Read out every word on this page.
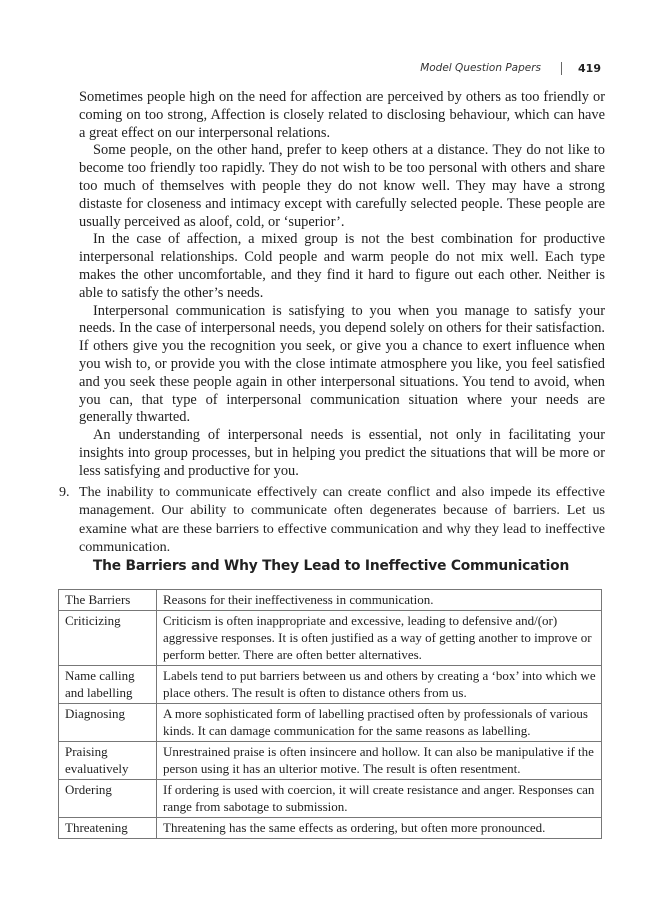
Model Question Papers	419

Sometimes people high on the need for affection are perceived by others as too friendly or coming on too strong, Affection is closely related to disclosing behaviour, which can have a great effect on our interpersonal relations.

Some people, on the other hand, prefer to keep others at a distance. They do not like to become too friendly too rapidly. They do not wish to be too personal with others and share too much of themselves with people they do not know well. They may have a strong distaste for closeness and intimacy except with carefully selected people. These people are usually perceived as aloof, cold, or ‘superior’.

In the case of affection, a mixed group is not the best combination for productive interpersonal relationships. Cold people and warm people do not mix well. Each type makes the other uncomfortable, and they find it hard to figure out each other. Neither is able to satisfy the other’s needs.

Interpersonal communication is satisfying to you when you manage to satisfy your needs. In the case of interpersonal needs, you depend solely on others for their satisfaction. If others give you the recognition you seek, or give you a chance to exert influence when you wish to, or provide you with the close intimate atmosphere you like, you feel satisfied and you seek these people again in other interpersonal situations. You tend to avoid, when you can, that type of interpersonal communication situation where your needs are generally thwarted.

An understanding of interpersonal needs is essential, not only in facilitating your insights into group processes, but in helping you predict the situations that will be more or less satisfying and productive for you.

9. The inability to communicate effectively can create conflict and also impede its effective management. Our ability to communicate often degenerates because of barriers. Let us examine what are these barriers to effective communication and why they lead to ineffective communication.
The Barriers and Why They Lead to Ineffective Communication
The Barriers	Reasons for their ineffectiveness in communication.
Criticizing	Criticism is often inappropriate and excessive, leading to defensive and/(or) aggressive responses. It is often justified as a way of getting another to improve or perform better. There are often better alternatives.
Name calling and labelling	Labels tend to put barriers between us and others by creating a ‘box’ into which we place others. The result is often to distance others from us.
Diagnosing	A more sophisticated form of labelling practised often by professionals of various kinds. It can damage communication for the same reasons as labelling.
Praising evaluatively	Unrestrained praise is often insincere and hollow. It can also be manipulative if the person using it has an ulterior motive. The result is often resentment.
Ordering	If ordering is used with coercion, it will create resistance and anger. Responses can range from sabotage to submission.
Threatening	Threatening has the same effects as ordering, but often more pronounced.
